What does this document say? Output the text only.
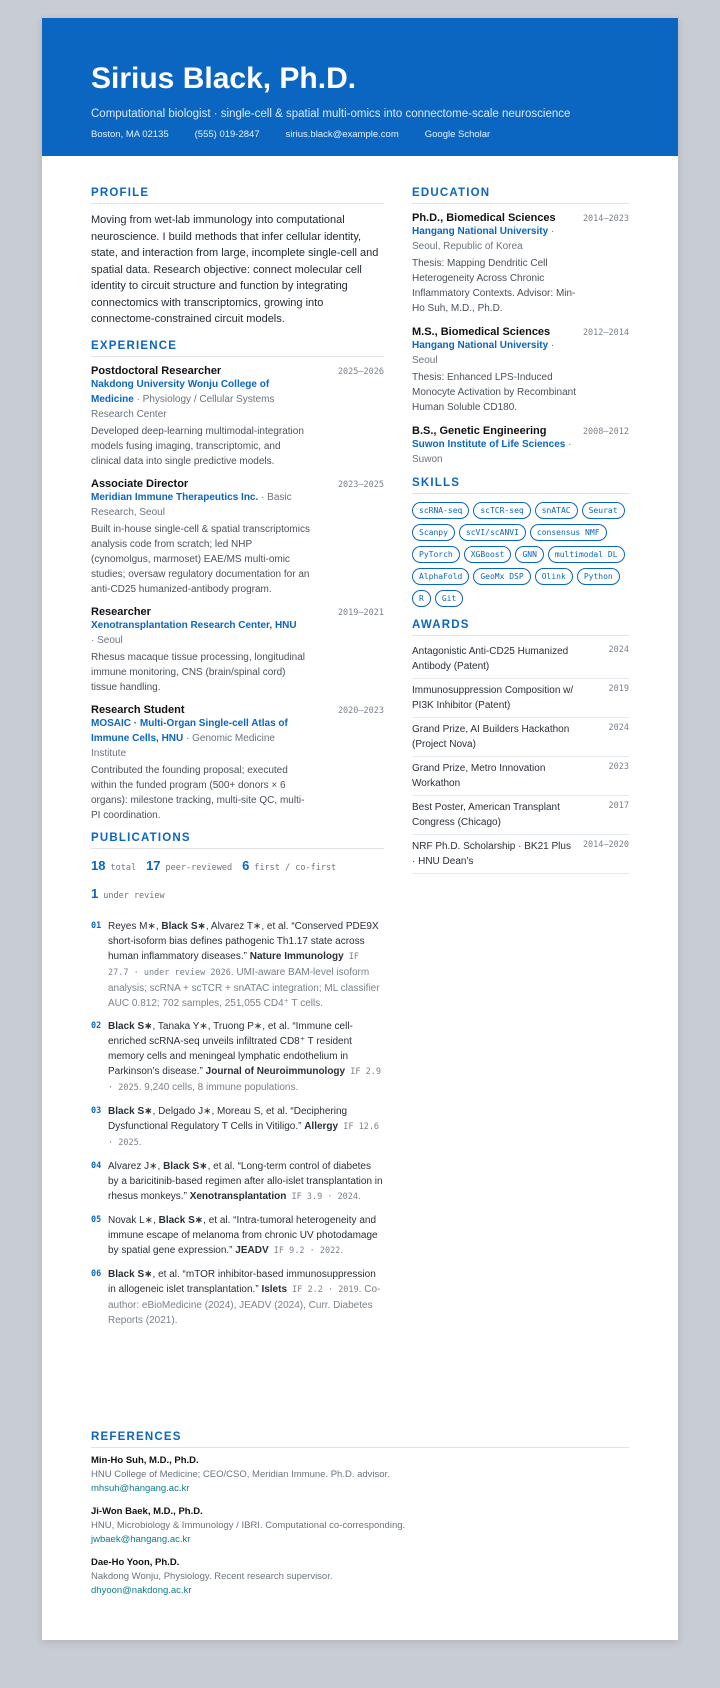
Sirius Black, Ph.D.
Computational biologist · single-cell & spatial multi-omics into connectome-scale neuroscience
Boston, MA 02135	(555) 019-2847	sirius.black@example.com	Google Scholar
PROFILE
Moving from wet-lab immunology into computational neuroscience. I build methods that infer cellular identity, state, and interaction from large, incomplete single-cell and spatial data. Research objective: connect molecular cell identity to circuit structure and function by integrating connectomics with transcriptomics, growing into connectome-constrained circuit models.
EXPERIENCE
Postdoctoral Researcher	2025–2026
Nakdong University Wonju College of Medicine · Physiology / Cellular Systems Research Center
Developed deep-learning multimodal-integration models fusing imaging, transcriptomic, and clinical data into single predictive models.
Associate Director	2023–2025
Meridian Immune Therapeutics Inc. · Basic Research, Seoul
Built in-house single-cell & spatial transcriptomics analysis code from scratch; led NHP (cynomolgus, marmoset) EAE/MS multi-omic studies; oversaw regulatory documentation for an anti-CD25 humanized-antibody program.
Researcher	2019–2021
Xenotransplantation Research Center, HNU · Seoul
Rhesus macaque tissue processing, longitudinal immune monitoring, CNS (brain/spinal cord) tissue handling.
Research Student	2020–2023
MOSAIC · Multi-Organ Single-cell Atlas of Immune Cells, HNU · Genomic Medicine Institute
Contributed the founding proposal; executed within the funded program (500+ donors × 6 organs): milestone tracking, multi-site QC, multi-PI coordination.
PUBLICATIONS
18 total 17 peer-reviewed 6 first / co-first
1 under review
01 Reyes M∗, Black S∗, Alvarez T∗, et al. “Conserved PDE9X short-isoform bias defines pathogenic Th1.17 state across human inflammatory diseases.” Nature Immunology IF 27.7 · under review 2026. UMI-aware BAM-level isoform analysis; scRNA + scTCR + snATAC integration; ML classifier AUC 0.812; 702 samples, 251,055 CD4⁺ T cells.
02 Black S∗, Tanaka Y∗, Truong P∗, et al. “Immune cell-enriched scRNA-seq unveils infiltrated CD8⁺ T resident memory cells and meningeal lymphatic endothelium in Parkinson’s disease.” Journal of Neuroimmunology IF 2.9 · 2025. 9,240 cells, 8 immune populations.
03 Black S∗, Delgado J∗, Moreau S, et al. “Deciphering Dysfunctional Regulatory T Cells in Vitiligo.” Allergy IF 12.6 · 2025.
04 Alvarez J∗, Black S∗, et al. “Long-term control of diabetes by a baricitinib-based regimen after allo-islet transplantation in rhesus monkeys.” Xenotransplantation IF 3.9 · 2024.
05 Novak L∗, Black S∗, et al. “Intra-tumoral heterogeneity and immune escape of melanoma from chronic UV photodamage by spatial gene expression.” JEADV IF 9.2 · 2022.
06 Black S∗, et al. “mTOR inhibitor-based immunosuppression in allogeneic islet transplantation.” Islets IF 2.2 · 2019. Co-author: eBioMedicine (2024), JEADV (2024), Curr. Diabetes Reports (2021).
EDUCATION
Ph.D., Biomedical Sciences	2014–2023
Hangang National University · Seoul, Republic of Korea
Thesis: Mapping Dendritic Cell Heterogeneity Across Chronic Inflammatory Contexts. Advisor: Min-Ho Suh, M.D., Ph.D.
M.S., Biomedical Sciences	2012–2014
Hangang National University · Seoul
Thesis: Enhanced LPS-Induced Monocyte Activation by Recombinant Human Soluble CD180.
B.S., Genetic Engineering	2008–2012
Suwon Institute of Life Sciences · Suwon
SKILLS
scRNA-seq	scTCR-seq	snATAC	Seurat
Scanpy	scVI/scANVI	consensus NMF
PyTorch	XGBoost	GNN	multimodal DL
AlphaFold	GeoMx DSP	Olink	Python
R	Git
AWARDS
Antagonistic Anti-CD25 Humanized Antibody (Patent)
2024
Immunosuppression Composition w/ PI3K Inhibitor (Patent)
2019
Grand Prize, AI Builders Hackathon (Project Nova)
2024
Grand Prize, Metro Innovation Workathon
2023
Best Poster, American Transplant Congress (Chicago)
2017
NRF Ph.D. Scholarship · BK21 Plus · HNU Dean's
2014–2020
REFERENCES
Min-Ho Suh, M.D., Ph.D.
HNU College of Medicine; CEO/CSO, Meridian Immune. Ph.D. advisor.
mhsuh@hangang.ac.kr
Ji-Won Baek, M.D., Ph.D.
HNU, Microbiology & Immunology / IBRI. Computational co-corresponding.
jwbaek@hangang.ac.kr
Dae-Ho Yoon, Ph.D.
Nakdong Wonju, Physiology. Recent research supervisor.
dhyoon@nakdong.ac.kr
